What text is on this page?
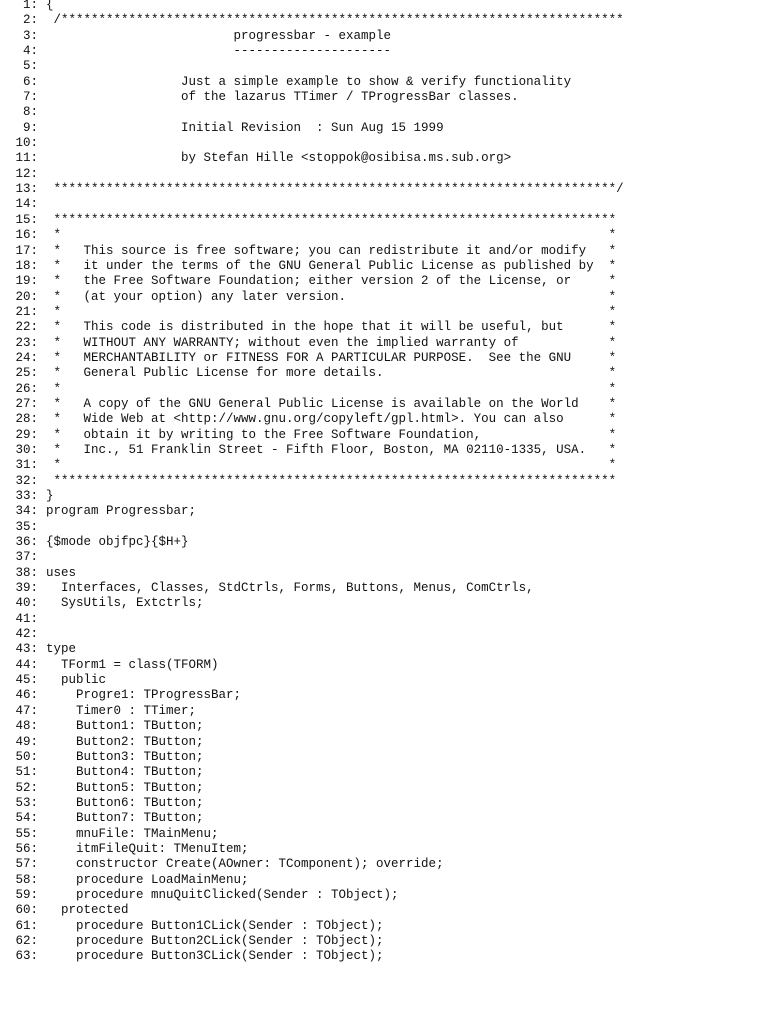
1: {
2: /***************************************************************************
3: progressbar - example
4: ---------------------
5:
6: Just a simple example to show & verify functionality
7: of the lazarus TTimer / TProgressBar classes.
8:
9: Initial Revision  : Sun Aug 15 1999
10:
11: by Stefan Hille <stoppok@osibisa.ms.sub.org>
12:
13: ***************************************************************************/
14:
15: ***************************************************************************
16: *                                                                         *
17: *   This source is free software; you can redistribute it and/or modify   *
18: *   it under the terms of the GNU General Public License as published by  *
19: *   the Free Software Foundation; either version 2 of the License, or     *
20: *   (at your option) any later version.                                   *
21: *                                                                         *
22: *   This code is distributed in the hope that it will be useful, but      *
23: *   WITHOUT ANY WARRANTY; without even the implied warranty of            *
24: *   MERCHANTABILITY or FITNESS FOR A PARTICULAR PURPOSE.  See the GNU     *
25: *   General Public License for more details.                              *
26: *                                                                         *
27: *   A copy of the GNU General Public License is available on the World    *
28: *   Wide Web at <http://www.gnu.org/copyleft/gpl.html>. You can also      *
29: *   obtain it by writing to the Free Software Foundation,                 *
30: *   Inc., 51 Franklin Street - Fifth Floor, Boston, MA 02110-1335, USA.   *
31: *                                                                         *
32: ***************************************************************************
33: }
34: program Progressbar;
35:
36: {$mode objfpc}{$H+}
37:
38: uses
39: Interfaces, Classes, StdCtrls, Forms, Buttons, Menus, ComCtrls,
40: SysUtils, Extctrls;
41:
42:
43: type
44: TForm1 = class(TFORM)
45: public
46: Progre1: TProgressBar;
47: Timer0 : TTimer;
48: Button1: TButton;
49: Button2: TButton;
50: Button3: TButton;
51: Button4: TButton;
52: Button5: TButton;
53: Button6: TButton;
54: Button7: TButton;
55: mnuFile: TMainMenu;
56: itmFileQuit: TMenuItem;
57: constructor Create(AOwner: TComponent); override;
58: procedure LoadMainMenu;
59: procedure mnuQuitClicked(Sender : TObject);
60: protected
61: procedure Button1CLick(Sender : TObject);
62: procedure Button2CLick(Sender : TObject);
63: procedure Button3CLick(Sender : TObject);
